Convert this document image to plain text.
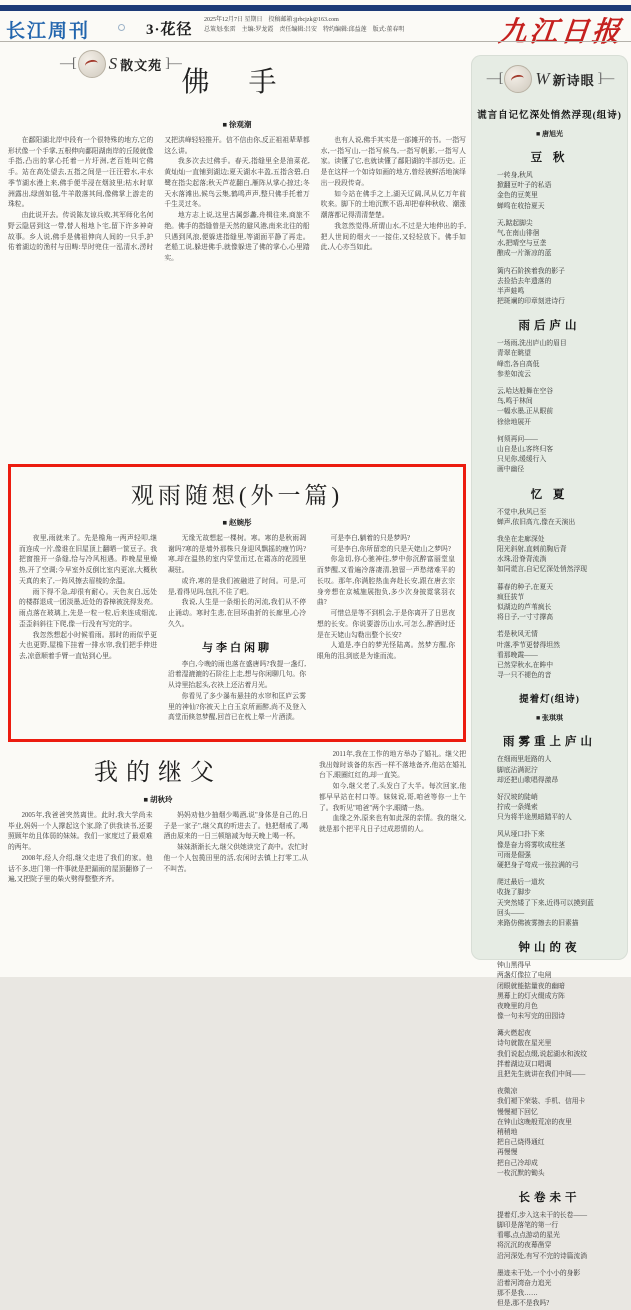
长江周刊	3·花径
2025年12月7日 星期日　投稿邮箱:jjrbcjzk@163.com
总策划:张雷　主编:罗龙霞　责任编辑:吕安　特约编辑:邱益莲　版式:董春明	九江日报
—[ S 散文苑 ]—
佛 手
■ 徐观潮

在鄱阳湖北岸中段有一个很特殊的地方,它的形状像一个手掌,五根伸向鄱阳湖南岸的丘陵就像手指,凸出的掌心托着一片圩洲,老百姓叫它佛手。站在高处望去,五指之间是一汪汪碧水,丰水季节湖水漫上来,佛手便半浸在烟波里;枯水时草洲露出,绿茵如毯,牛羊散落其间,像佛掌上游走的珠粒。

由此说开去。传说陈友谅兵败,其军师化名何野云隐居到这一带,替人相地卜宅,留下许多神奇故事。乡人说,佛手是佛祖伸向人间的一只手,护佑着湖边的渔村与田畴:旱时兜住一泓清水,涝时又把洪峰轻轻推开。信不信由你,反正祖祖辈辈都这么讲。

我多次去过佛手。春天,指缝里全是油菜花,黄灿灿一直铺到湖边;夏天湖水丰盈,五指含碧,白鹭在指尖起落;秋天芦花翻白,雁阵从掌心掠过;冬天水落滩出,候鸟云集,鹤鸣声声,整只佛手托着万千生灵过冬。

地方志上说,这里古属彭蠡,舟楫往来,商旅不绝。佛手的指缝曾是天然的避风港,南来北往的船只遇到风浪,便躲进指缝里,等湖面平静了再走。老船工说,躲进佛手,就像躲进了佛的掌心,心里踏实。

也有人说,佛手其实是一部摊开的书。一指写水,一指写山,一指写候鸟,一指写帆影,一指写人家。读懂了它,也就读懂了鄱阳湖的半部历史。正是在这样一个如诗如画的地方,曾经被鲜活地演绎出一段段传奇。

如今站在佛手之上,湖天辽阔,风从亿万年前吹来。脚下的土地沉默不语,却把春种秋收、潮涨潮落都记得清清楚楚。

我忽然觉得,所谓山水,不过是大地伸出的手,把人世间的烟火一一接住,又轻轻放下。佛手如此,人心亦当如此。

观雨随想(外一篇)
■ 赵婉彤

夜里,雨就来了。先是檐角一两声轻叩,继而连成一片,像谁在旧屋顶上翻晒一筐豆子。我把窗推开一条缝,恰与冷风相遇。昨晚屋里燥热,开了空调;今早室外反倒比室内更凉,大概秋天真的来了,一阵风擦去眉棱的余温。

雨下得不急,却很有耐心。天色灰白,远处的楼群退成一团淡墨,近处的香樟被洗得发亮。雨点落在玻璃上,先是一粒一粒,后来连成细流,歪歪斜斜往下爬,像一行没有写完的字。

我忽然想起小时候看雨。那时的雨似乎更大也更野,屋檐下挂着一排水帘,我们把手伸进去,凉意顺着手臂一直钻到心里。

无缘无故想起一棵树。寒。寒的是秋雨凋谢吗?寒的是墙外那株只身迎风飘摇的瘦竹吗?寒,却在温热的室内穿堂而过,在霜冻的花园里凝驻。

或许,寒的是我们被融进了时间。可是,可是,看得见吗,包扎不住了吧。

我说,人生是一条细长的河流,我们从不停止涌动。寒时生悲,在回环曲折的长廊里,心冷久久。

与李白闲聊

李白,今晚的雨也落在盛唐吗?我提一盏灯,沿着湿漉漉的石阶往上走,想与你闲聊几句。你从诗里抬起头,衣袂上还沾着月光。

你看见了多少瀑布悬挂的水帘和匡庐云雾里的神仙?你被天上白玉京所画醉,尚不及登入高堂而倏忽梦醒,回首已在枕上晕一片酒渍。

可是李白,躺着的只是梦吗?

可是李白,你所留恋的只是天姥山之梦吗?

你急切,你心驰神往,梦中你沉醉富丽堂皇而梦醒,又看遍冷落凄清,独留一声愁绪难平的长叹。那年,你满腔热血奔赴长安,跟在唐玄宗身旁想在京城施展抱负,多少次身披霓裳羽衣曲?

可惜总是等不到机会,于是你离开了日思夜想的长安。你说要游历山水,可怎么,醉酒时还是在天姥山勾勒出整个长安?

人道是,李白的梦光怪陆离。然梦方醒,你眼角的泪,到底是为谁而流。

我的继父
■ 胡秋玲

2005年,我爸爸突然离世。此时,我大学尚未毕业,妈妈一个人撑起这个家,除了供我读书,还要照顾年幼且体弱的妹妹。我们一家度过了最艰难的两年。

2008年,经人介绍,继父走进了我们的家。他话不多,进门第一件事就是把漏雨的屋顶翻修了一遍,又把院子里的柴火劈得整整齐齐。

妈妈劝他少抽烟少喝酒,说"身体是自己的,日子是一家子",继父真的听进去了。他把烟戒了,喝酒由原来的一日三顿缩减为每天晚上喝一杯。

妹妹渐渐长大,继父供她读完了高中。农忙时他一个人包揽田里的活,农闲时去镇上打零工,从不叫苦。

2011年,我在工作的地方举办了婚礼。继父把我出嫁时该备的东西一样不落地备齐,他站在婚礼台下,眼圈红红的,却一直笑。

如今,继父老了,头发白了大半。每次回家,他都早早站在村口等。妹妹说,哥,咱爸等你一上午了。我听见"咱爸"两个字,眼睛一热。

血缘之外,原来也有如此深的亲情。我的继父,就是那个把平凡日子过成恩情的人。

—[ W 新诗眼 ]—
谎言自记忆深处悄然浮现(组诗)
■ 唐旭光
豆 秋
一转身,秋风
掀翻豆叶子的私语
金色的豆荚里
蝉鸣在收拾夏天
天,踮起脚尖
气,在南山徘徊
水,把晴空与豆垄
酿成一片渐凉的蓝
篱内石阶挨着我的影子
去捡拾去年遗落的
半声蛙鸣
把斑斓的印章刻进诗行
雨后庐山
一场雨,洗出庐山的眉目
青翠在眺望
峰峦,各自高低
参差如流云
云,哈达般舞在空谷
鸟,鸣于林间
一幅水墨,正从眼前
徐徐地展开
何须再问——
山自是山,客终归客
只见你,缓缓行入
画中幽径
忆 夏
不觉中,秋风已至
蝉声,依旧高亢,像在天演出
我坐在走廊深处
阳光斜射,直刺前胸后背
水珠,沿脊背流淌
如同谎言,自记忆深处悄然浮现
暮春的种子,在夏天
疯狂拔节
似湖边的芦苇疯长
将日子,一寸寸撑高
若是秋风无情
叶落,季节更替得坦然
看那晚霞——
已然穿秋水,在眸中
寻一只不褪色的音
提着灯(组诗)
■ 张琪琪
雨雾重上庐山
在细雨里赶路的人
脚底沾满泥泞
却还把山歌唱得激昂
好汉坡的陡峭
拧成一条绳索
只为将半途黑暗踏平的人
风从垭口扑下来
像是奋力将雾吹成柱茎
可雨是倔强
硬把身子弯成一张拉满的弓
爬过最后一道坎
收拢了脚步
天突然矮了下来,近得可以摸到蓝
回头——
来路仿佛被雾擦去的旧素描
钟山的夜
钟山黑得早
两盏灯像拉了电闸
闭眼就能掂量夜的幽暗
黑幕上的灯火缀成方阵
夜晚里的月色
像一句未写完的田园诗
篝火燃起夜
诗句就散在星光里
我们说起点缀,说起湖水和波纹
拌着湖边双口唱调
且把先生就讲在我们中间——
夜微凉
我们褪下荣装、手机、信用卡
慢慢褪下回忆
在钟山这晚般荒凉的夜里
稍稍地
把自己烧得通红
再慢慢
把自己冷却成
一枚沉默的锄头
长卷未干
提着灯,步入这未干的长卷——
脚印是落笔的第一行
看哪,点点游动的星光
将沉沉的夜幕凿穿
沿河深处,有写不完的诗篇流淌
墨迹未干处,一个小小的身影
沿着河湾奋力追光
那不是我……
但是,那不是我吗?
